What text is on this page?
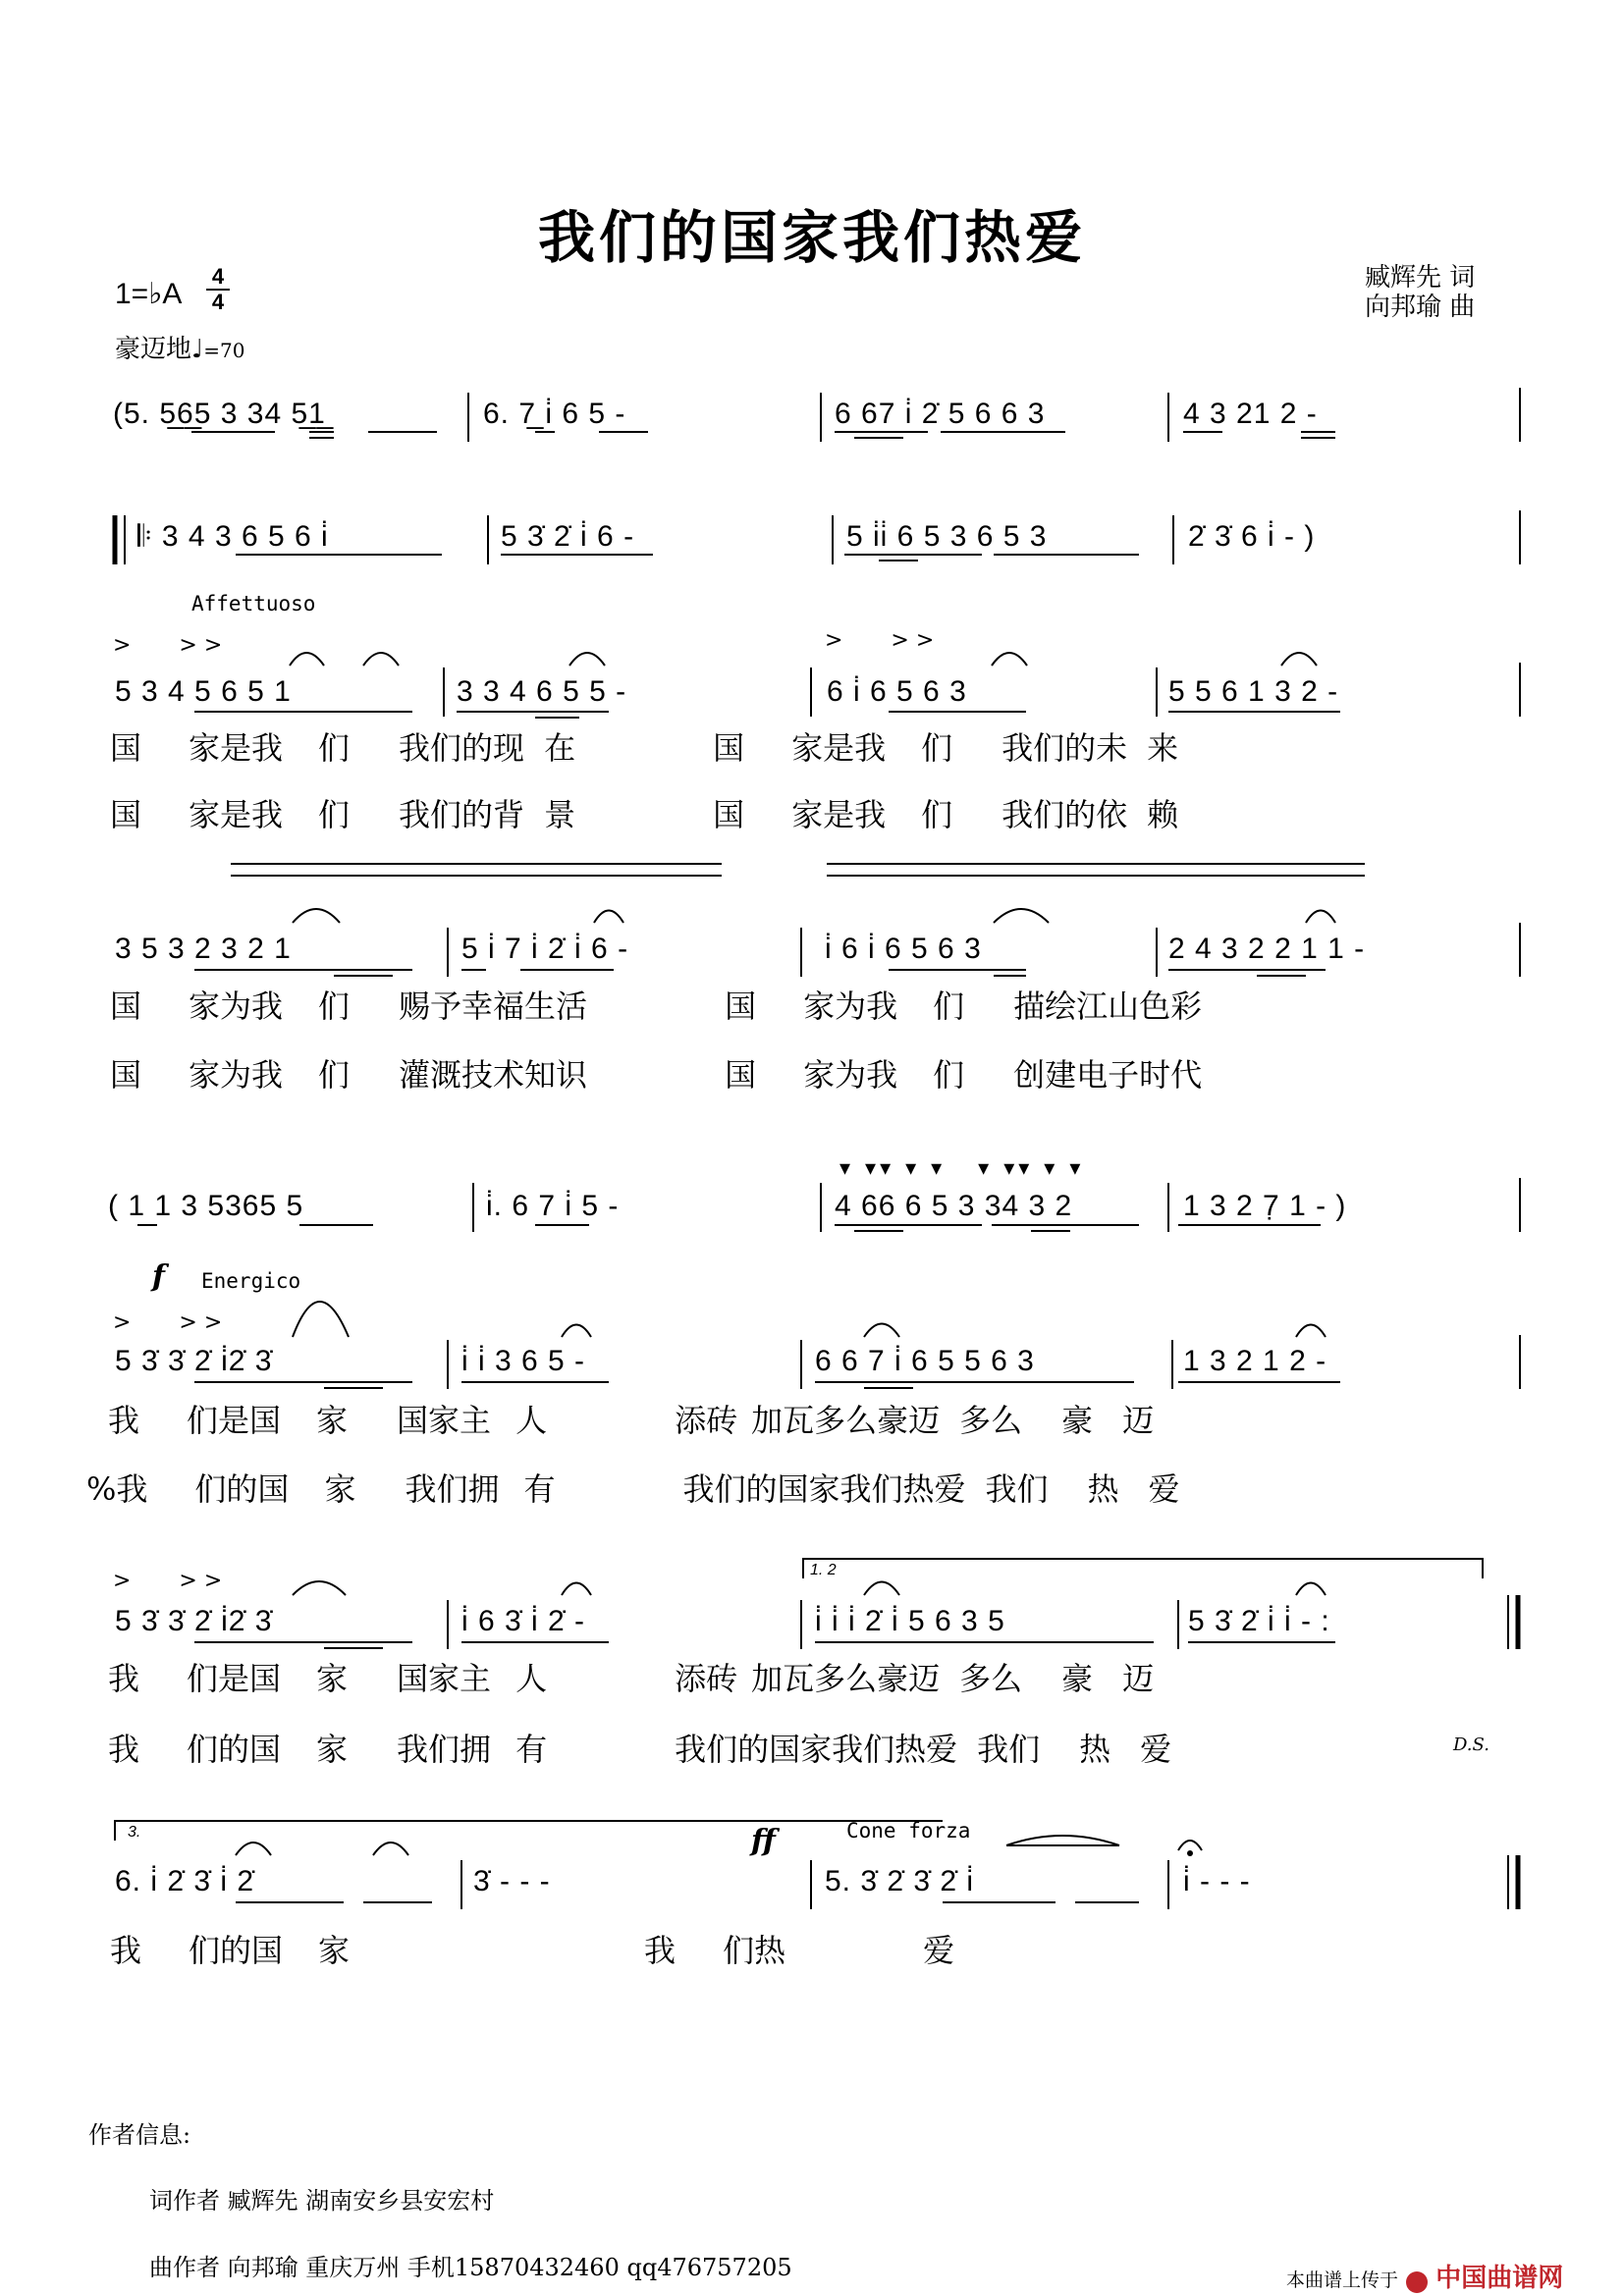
我们的国家我们热爱
臧辉先 词
向邦瑜 曲
1=♭A
4
4
豪迈地♩=70
(5. 5̲6̲5 3 34 5̲1̲	6. 7̲ i̇ 6 5 -	6 67 i̇ 2̇ 5 6 6 3	4 3 21 2 -
𝄆 3 4 3 6 5 6 i̇	5 3̇ 2̇ i̇ 6 -	5 i̇i̇ 6 5 3 6 5 3	2̇ 3̇ 6 i̇ - )
Affettuoso
>       > >	>       > >
5 3 4 5 6 5 1	3 3 4 6 5 5 -	6 i̇ 6 5 6 3	5 5 6 1 3 2 -
国 家是我 们 我们的现 在	国 家是我 们 我们的未 来
国 家是我 们 我们的背 景	国 家是我 们 我们的依 赖
3 5 3 2 3 2 1	5 i̇ 7 i̇ 2̇ i̇ 6 -	i̇ 6 i̇ 6 5 6 3	2 4 3 2 2 1 1 -
国 家为我 们 赐予幸福生活	国 家为我 们 描绘江山色彩
国 家为我 们 灌溉技术知识	国 家为我 们 创建电子时代
▾ ▾▾ ▾ ▾   ▾ ▾▾ ▾ ▾
( 1 1 3 5365 5	i̇. 6 7 i̇ 5 -	4 66 6 5 3 34 3 2	1 3 2 7̣ 1 - )
f Energico
>       > >
5 3̇ 3̇ 2̇ i̇2̇ 3̇	i̇ i̇ 3 6 5 -	6 6 7 i̇ 6 5 5 6 3	1 3 2 1 2 -
我 们是国 家 国家主 人	添砖 加瓦多么豪迈 多么 豪 迈
%我 们的国 家 我们拥 有	我们的国家我们热爱 我们 热 爱
1. 2
>       > >
5 3̇ 3̇ 2̇ i̇2̇ 3̇	i̇ 6 3̇ i̇ 2̇ -	i̇ i̇ i̇ 2̇ i̇ 5 6 3 5	5 3̇ 2̇ i̇ i̇ - :
我 们是国 家 国家主 人	添砖 加瓦多么豪迈 多么 豪 迈
我 们的国 家 我们拥 有	我们的国家我们热爱 我们 热 爱	D.S.
3.	ff	Cone forza
6. i̇ 2̇ 3̇ i̇ 2̇	3̇ - - -	5. 3̇ 2̇ 3̇ 2̇ i̇	i̇ - - -
我 们的国 家	我 们热	爱
作者信息:
词作者 臧辉先 湖南安乡县安宏村
曲作者 向邦瑜 重庆万州 手机15870432460 qq476757205	本曲谱上传于 中国曲谱网
